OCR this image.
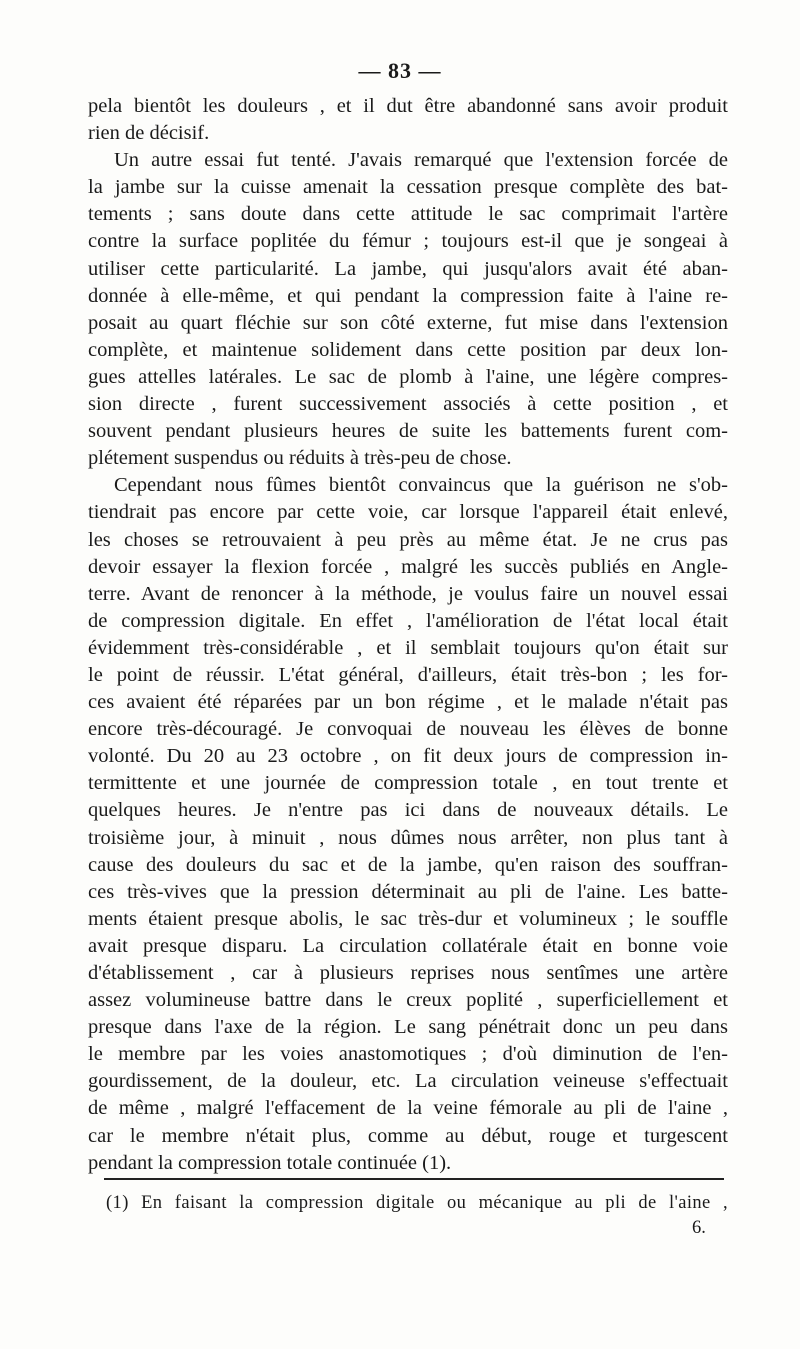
— 83 —
pela bientôt les douleurs , et il dut être abandonné sans avoir produit
rien de décisif.
Un autre essai fut tenté. J'avais remarqué que l'extension forcée de
la jambe sur la cuisse amenait la cessation presque complète des bat-
tements ; sans doute dans cette attitude le sac comprimait l'artère
contre la surface poplitée du fémur ; toujours est-il que je songeai à
utiliser cette particularité. La jambe, qui jusqu'alors avait été aban-
donnée à elle-même, et qui pendant la compression faite à l'aine re-
posait au quart fléchie sur son côté externe, fut mise dans l'extension
complète, et maintenue solidement dans cette position par deux lon-
gues attelles latérales. Le sac de plomb à l'aine, une légère compres-
sion directe , furent successivement associés à cette position , et
souvent pendant plusieurs heures de suite les battements furent com-
plétement suspendus ou réduits à très-peu de chose.
Cependant nous fûmes bientôt convaincus que la guérison ne s'ob-
tiendrait pas encore par cette voie, car lorsque l'appareil était enlevé,
les choses se retrouvaient à peu près au même état. Je ne crus pas
devoir essayer la flexion forcée , malgré les succès publiés en Angle-
terre. Avant de renoncer à la méthode, je voulus faire un nouvel essai
de compression digitale. En effet , l'amélioration de l'état local était
évidemment très-considérable , et il semblait toujours qu'on était sur
le point de réussir. L'état général, d'ailleurs, était très-bon ; les for-
ces avaient été réparées par un bon régime , et le malade n'était pas
encore très-découragé. Je convoquai de nouveau les élèves de bonne
volonté. Du 20 au 23 octobre , on fit deux jours de compression in-
termittente et une journée de compression totale , en tout trente et
quelques heures. Je n'entre pas ici dans de nouveaux détails. Le
troisième jour, à minuit , nous dûmes nous arrêter, non plus tant à
cause des douleurs du sac et de la jambe, qu'en raison des souffran-
ces très-vives que la pression déterminait au pli de l'aine. Les batte-
ments étaient presque abolis, le sac très-dur et volumineux ; le souffle
avait presque disparu. La circulation collatérale était en bonne voie
d'établissement , car à plusieurs reprises nous sentîmes une artère
assez volumineuse battre dans le creux poplité , superficiellement et
presque dans l'axe de la région. Le sang pénétrait donc un peu dans
le membre par les voies anastomotiques ; d'où diminution de l'en-
gourdissement, de la douleur, etc. La circulation veineuse s'effectuait
de même , malgré l'effacement de la veine fémorale au pli de l'aine ,
car le membre n'était plus, comme au début, rouge et turgescent
pendant la compression totale continuée (1).
(1) En faisant la compression digitale ou mécanique au pli de l'aine ,
6.
